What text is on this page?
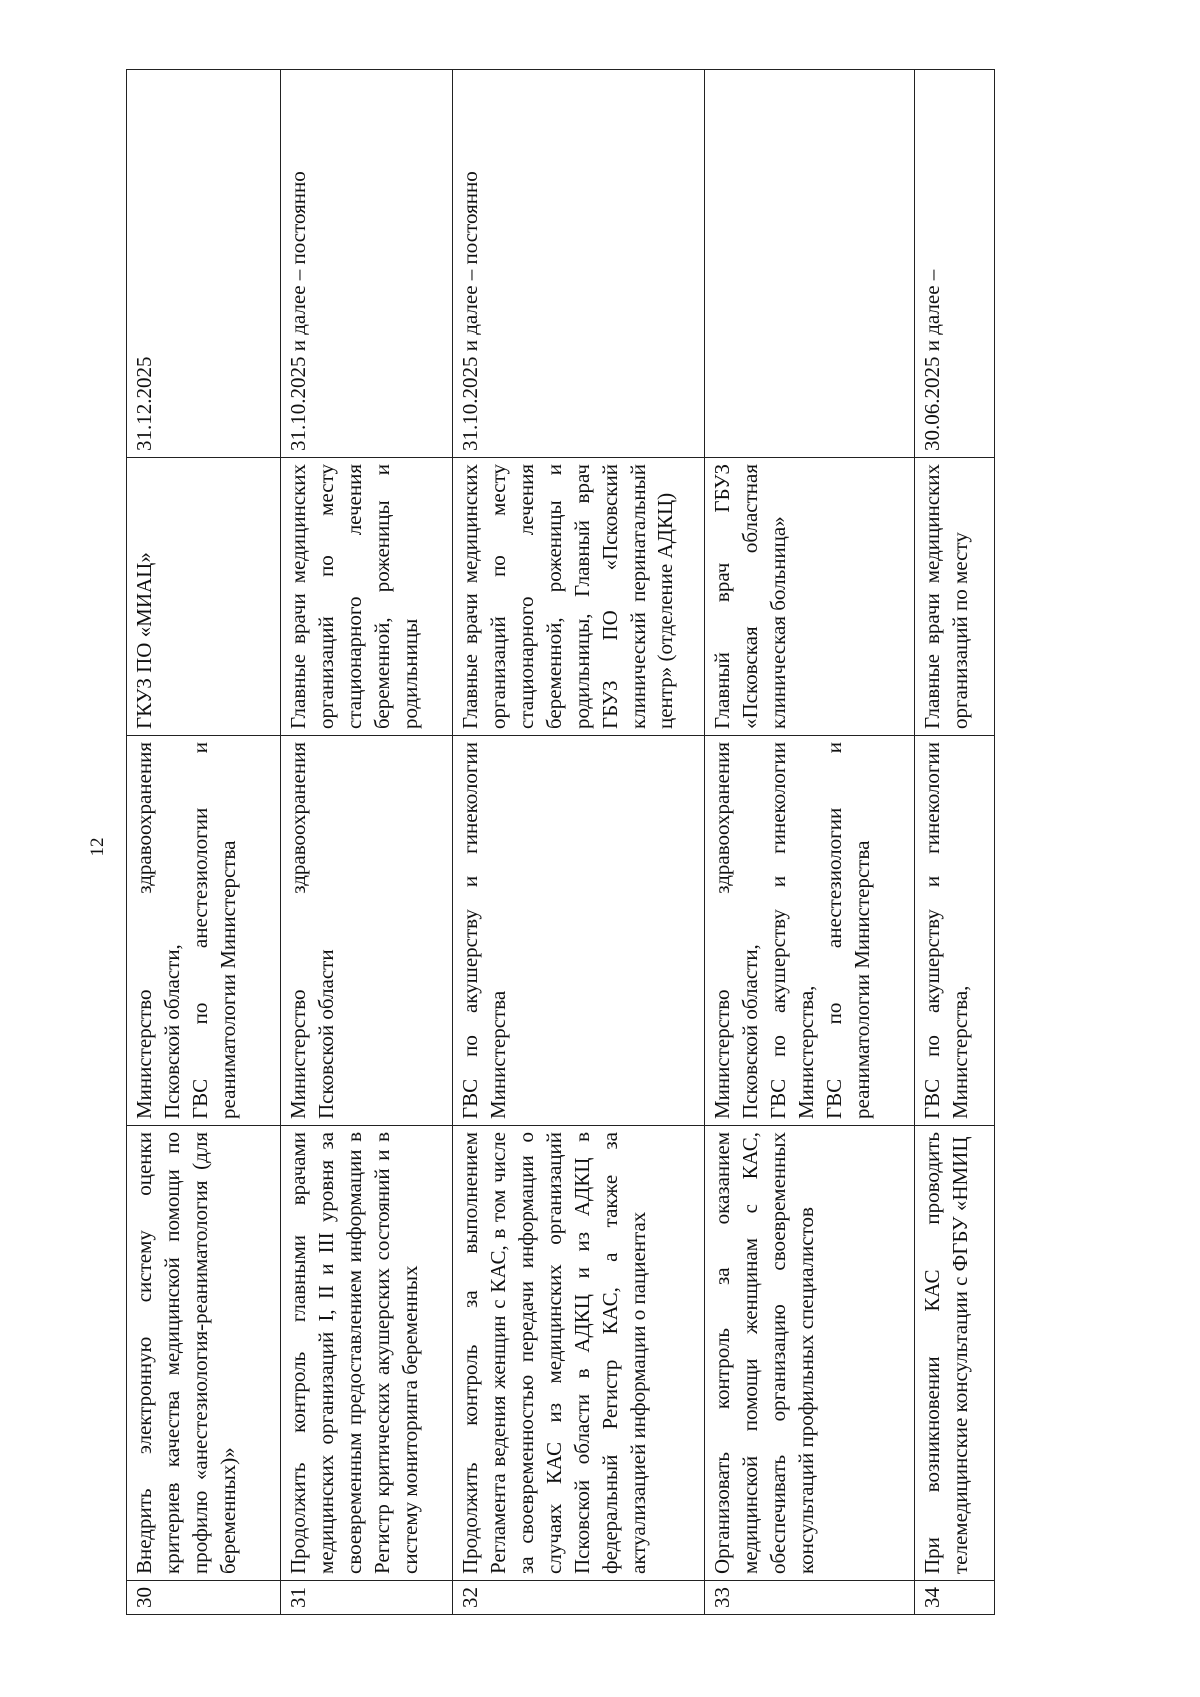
12
30	Внедрить электронную систему оценки критериев качества медицинской помощи по профилю «анестезиология-реаниматология (для беременных)»	Министерство здравоохранения Псковской области, ГВС по анестезиологии и реаниматологии Министерства	ГКУЗ ПО «МИАЦ»	31.12.2025
31	Продолжить контроль главными врачами медицинских организаций I, II и III уровня за своевременным предоставлением информации в Регистр критических акушерских состояний и в систему мониторинга беременных	Министерство здравоохранения Псковской области	Главные врачи медицинских организаций по месту стационарного лечения беременной, роженицы и родильницы	31.10.2025 и далее – постоянно
32	Продолжить контроль за выполнением Регламента ведения женщин с КАС, в том числе за своевременностью передачи информации о случаях КАС из медицинских организаций Псковской области в АДКЦ и из АДКЦ в федеральный Регистр КАС, а также за актуализацией информации о пациентах	ГВС по акушерству и гинекологии Министерства	Главные врачи медицинских организаций по месту стационарного лечения беременной, роженицы и родильницы, Главный врач ГБУЗ ПО «Псковский клинический перинатальный центр» (отделение АДКЦ)	31.10.2025 и далее – постоянно
33	Организовать контроль за оказанием медицинской помощи женщинам с КАС, обеспечивать организацию своевременных консультаций профильных специалистов	Министерство здравоохранения Псковской области, ГВС по акушерству и гинекологии Министерства, ГВС по анестезиологии и реаниматологии Министерства	Главный врач ГБУЗ «Псковская областная клиническая больница»	
34	При возникновении КАС проводить телемедицинские консультации с ФГБУ «НМИЦ	ГВС по акушерству и гинекологии Министерства,	Главные врачи медицинских организаций по месту	30.06.2025 и далее –
